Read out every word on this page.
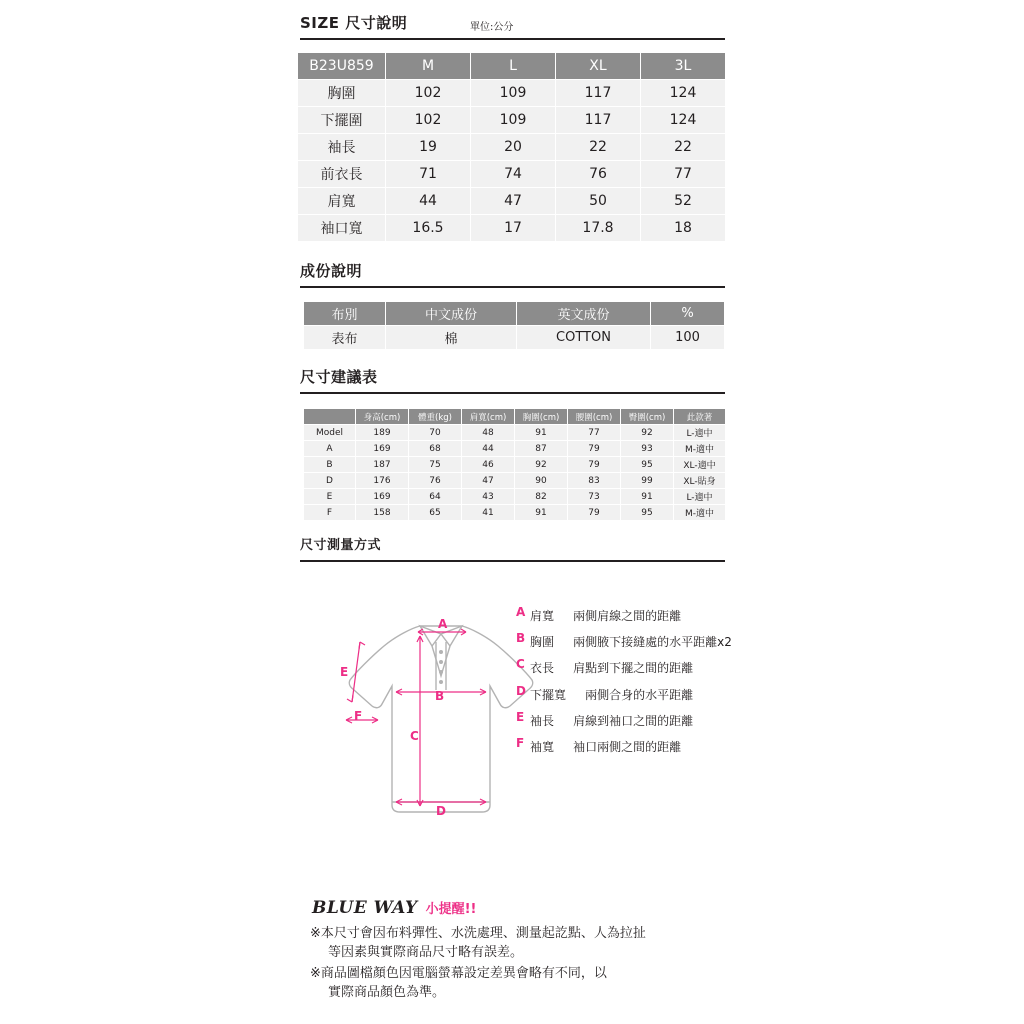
SIZE 尺寸說明	單位:公分
B23U859	M	L	XL	3L
胸圍	102	109	117	124
下擺圍	102	109	117	124
袖長	19	20	22	22
前衣長	71	74	76	77
肩寬	44	47	50	52
袖口寬	16.5	17	17.8	18
成份說明
布別	中文成份	英文成份	%
表布	棉	COTTON	100
尺寸建議表
	身高(cm)	體重(kg)	肩寬(cm)	胸圍(cm)	腰圍(cm)	臀圍(cm)	此款著
Model	189	70	48	91	77	92	L-適中
A	169	68	44	87	79	93	M-適中
B	187	75	46	92	79	95	XL-適中
D	176	76	47	90	83	99	XL-貼身
E	169	64	43	82	73	91	L-適中
F	158	65	41	91	79	95	M-適中
尺寸測量方式
A
B
C
D
E
F
A 肩寬 兩側肩線之間的距離
B 胸圍 兩側腋下接縫處的水平距離x2
C 衣長 肩點到下擺之間的距離
D 下擺寬 兩側合身的水平距離
E 袖長 肩線到袖口之間的距離
F 袖寬 袖口兩側之間的距離
BLUE WAY 小提醒!!
※本尺寸會因布料彈性、水洗處理、測量起訖點、人為拉扯
等因素與實際商品尺寸略有誤差。
※商品圖檔顏色因電腦螢幕設定差異會略有不同，以
實際商品顏色為準。
